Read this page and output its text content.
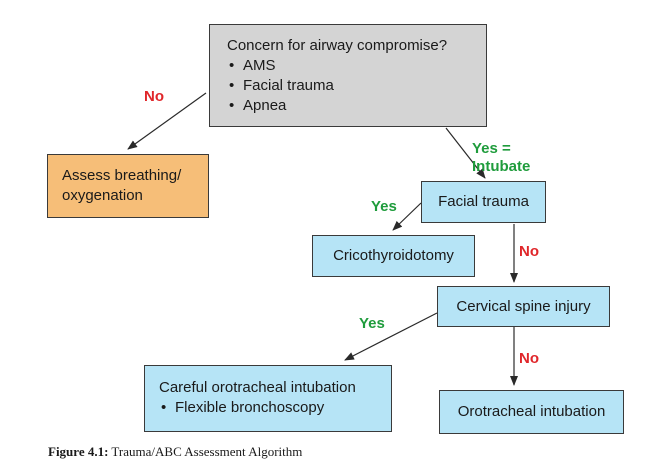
Concern for airway compromise?
• AMS
• Facial trauma
• Apnea
Assess breathing/
oxygenation	Facial trauma
Cricothyroidotomy
Cervical spine injury
Careful orotracheal intubation
• Flexible bronchoscopy	Orotracheal intubation
No
Yes = Intubate
Yes
No
Yes
No
Figure 4.1: Trauma/ABC Assessment Algorithm
